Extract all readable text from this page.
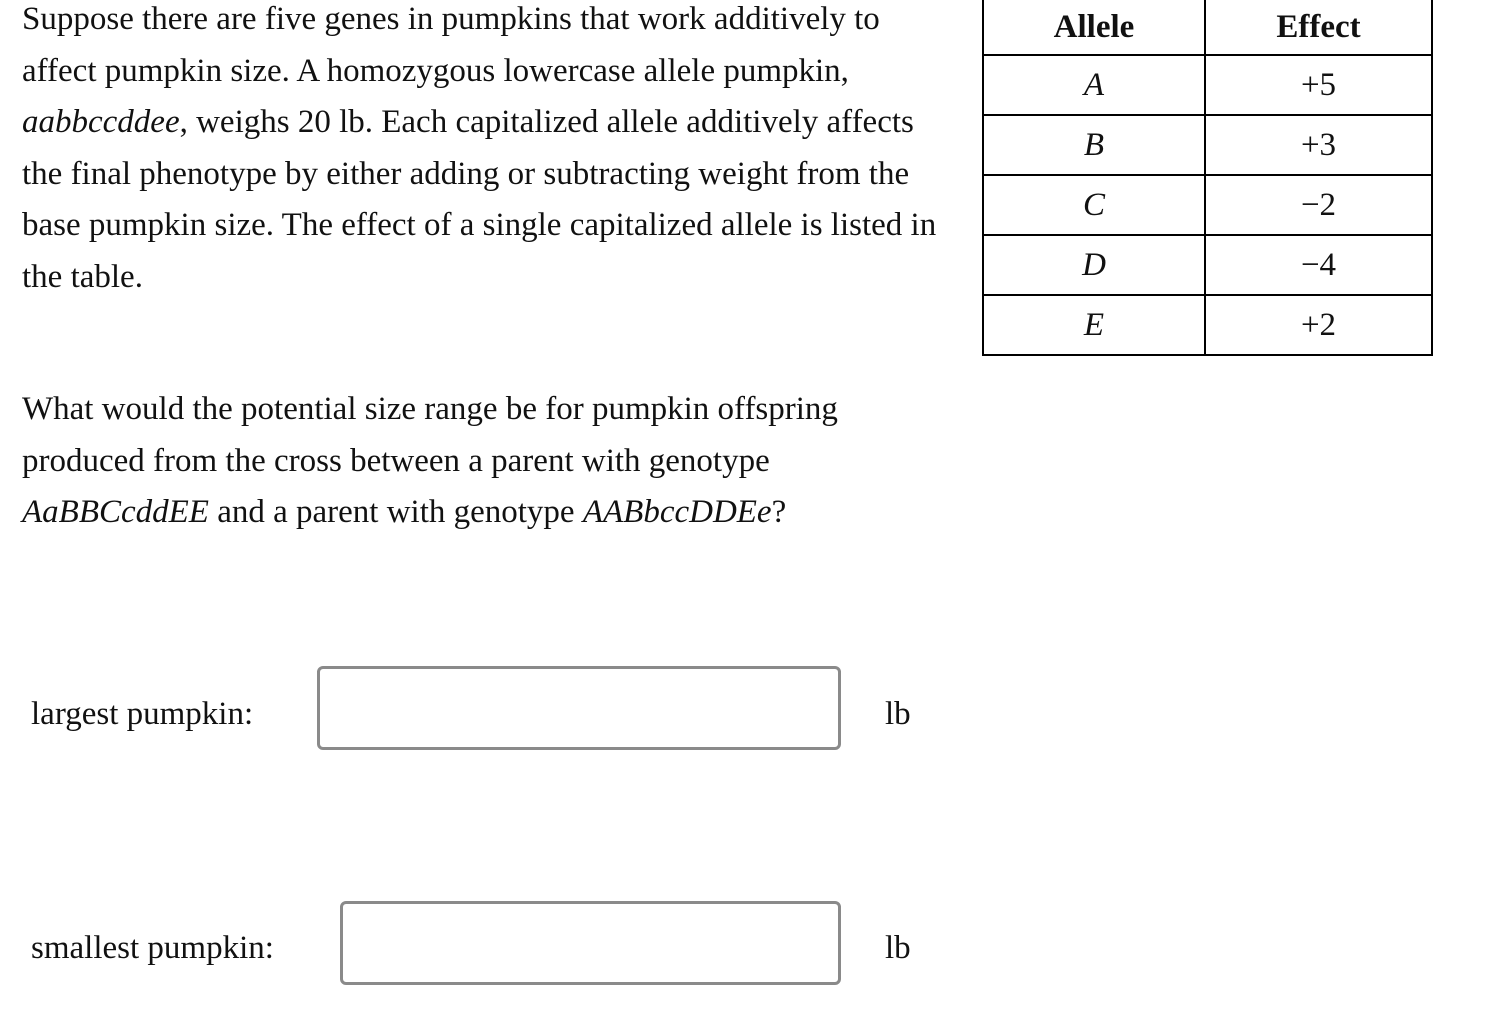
Suppose there are five genes in pumpkins that work additively to affect pumpkin size. A homozygous lowercase allele pumpkin, aabbccddee, weighs 20 lb. Each capitalized allele additively affects the final phenotype by either adding or subtracting weight from the base pumpkin size. The effect of a single capitalized allele is listed in the table.

Allele	Effect
A	+5
B	+3
C	−2
D	−4
E	+2

What would the potential size range be for pumpkin offspring produced from the cross between a parent with genotype AaBBCcddEE and a parent with genotype AABbccDDEe?

largest pumpkin:	lb

smallest pumpkin:	lb
